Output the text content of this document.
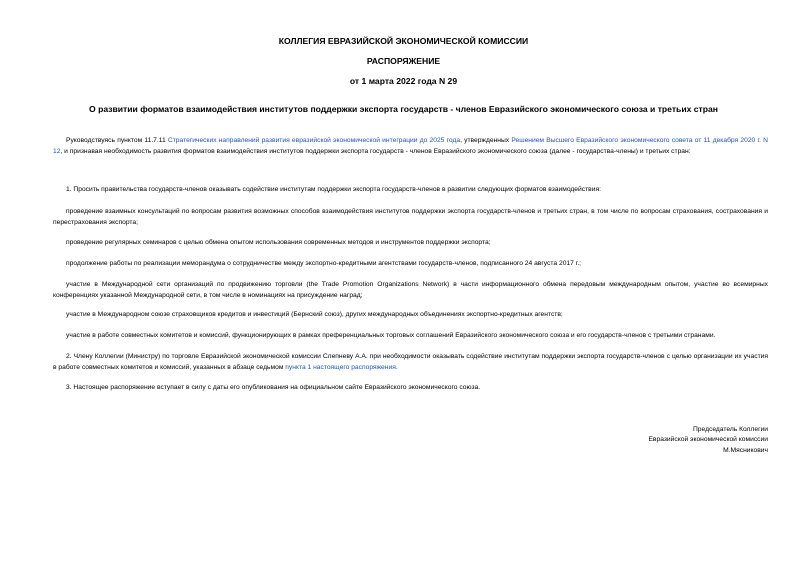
КОЛЛЕГИЯ ЕВРАЗИЙСКОЙ ЭКОНОМИЧЕСКОЙ КОМИССИИ
РАСПОРЯЖЕНИЕ
от 1 марта 2022 года N 29
О развитии форматов взаимодействия институтов поддержки экспорта государств - членов Евразийского экономического союза и третьих стран
Руководствуясь пунктом 11.7.11 Стратегических направлений развития евразийской экономической интеграции до 2025 года, утвержденных Решением Высшего Евразийского экономического совета от 11 декабря 2020 г. N 12, и признавая необходимость развития форматов взаимодействия институтов поддержки экспорта государств - членов Евразийского экономического союза (далее - государства-члены) и третьих стран:
1. Просить правительства государств-членов оказывать содействие институтам поддержки экспорта государств-членов в развитии следующих форматов взаимодействия:
проведение взаимных консультаций по вопросам развития возможных способов взаимодействия институтов поддержки экспорта государств-членов и третьих стран, в том числе по вопросам страхования, сострахования и перестрахования экспорта;
проведение регулярных семинаров с целью обмена опытом использования современных методов и инструментов поддержки экспорта;
продолжение работы по реализации меморандума о сотрудничестве между экспортно-кредитными агентствами государств-членов, подписанного 24 августа 2017 г.;
участие в Международной сети организаций по продвижению торговли (the Trade Promotion Organizations Network) в части информационного обмена передовым международным опытом, участие во всемирных конференциях указанной Международной сети, в том числе в номинациях на присуждение наград;
участие в Международном союзе страховщиков кредитов и инвестиций (Бернский союз), других международных объединениях экспортно-кредитных агентств;
участие в работе совместных комитетов и комиссий, функционирующих в рамках преференциальных торговых соглашений Евразийского экономического союза и его государств-членов с третьими странами.
2. Члену Коллегии (Министру) по торговле Евразийской экономической комиссии Слепневу А.А. при необходимости оказывать содействие институтам поддержки экспорта государств-членов с целью организации их участия в работе совместных комитетов и комиссий, указанных в абзаце седьмом пункта 1 настоящего распоряжения.
3. Настоящее распоряжение вступает в силу с даты его опубликования на официальном сайте Евразийского экономического союза.
Председатель Коллегии
Евразийской экономической комиссии
М.Мясникович
